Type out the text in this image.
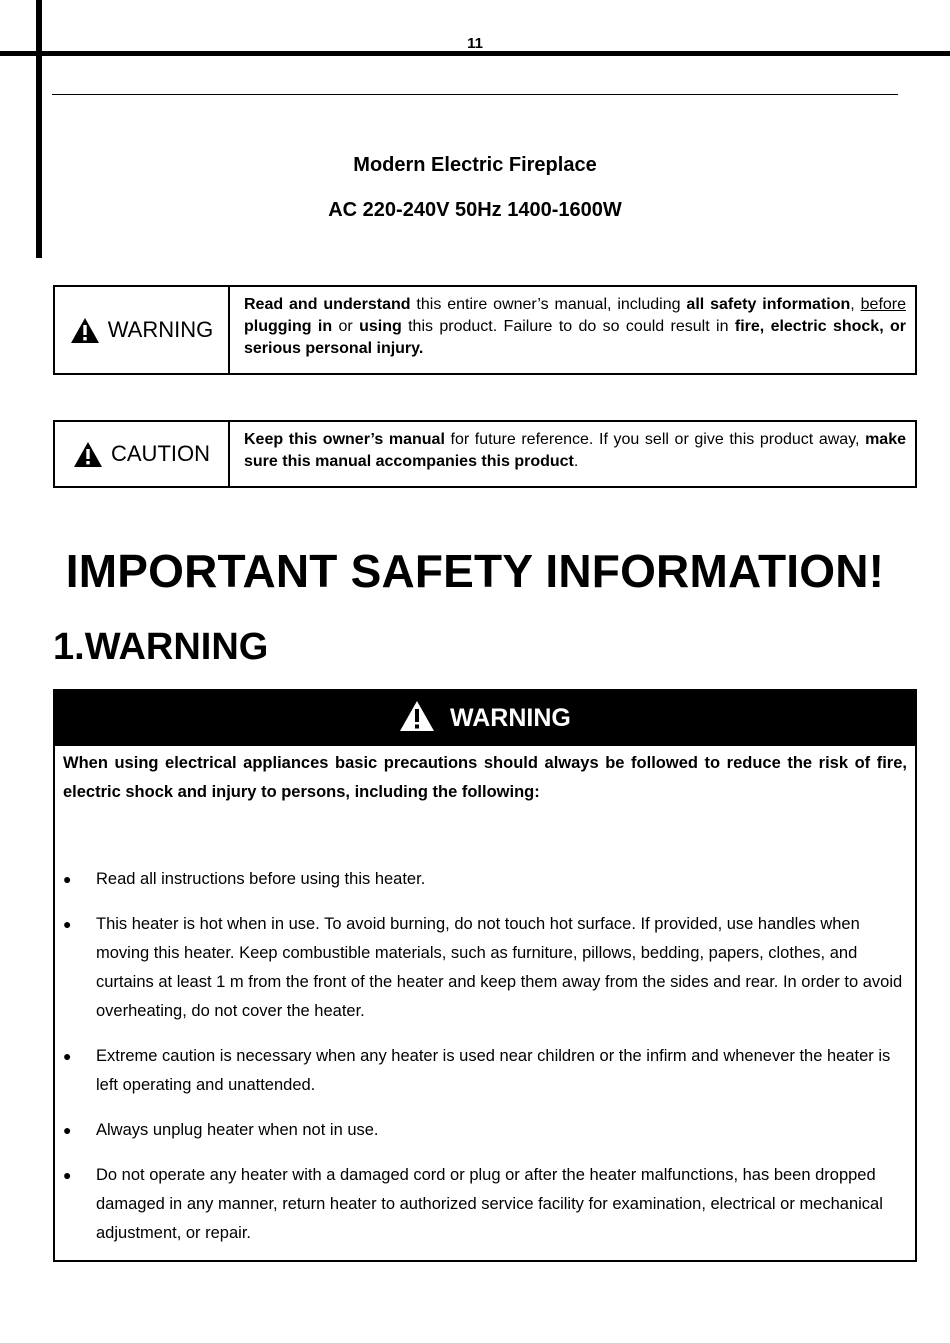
11
Modern Electric Fireplace
AC 220-240V 50Hz 1400-1600W
WARNING
Read and understand this entire owner’s manual, including all safety information, before plugging in or using this product. Failure to do so could result in fire, electric shock, or serious personal injury.
CAUTION
Keep this owner’s manual for future reference. If you sell or give this product away, make sure this manual accompanies this product.
IMPORTANT SAFETY INFORMATION!
1.WARNING
WARNING
When using electrical appliances basic precautions should always be followed to reduce the risk of fire, electric shock and injury to persons, including the following:
● Read all instructions before using this heater.
● This heater is hot when in use. To avoid burning, do not touch hot surface. If provided, use handles when moving this heater. Keep combustible materials, such as furniture, pillows, bedding, papers, clothes, and curtains at least 1 m from the front of the heater and keep them away from the sides and rear. In order to avoid overheating, do not cover the heater.
● Extreme caution is necessary when any heater is used near children or the infirm and whenever the heater is left operating and unattended.
● Always unplug heater when not in use.
● Do not operate any heater with a damaged cord or plug or after the heater malfunctions, has been dropped damaged in any manner, return heater to authorized service facility for examination, electrical or mechanical adjustment, or repair.
